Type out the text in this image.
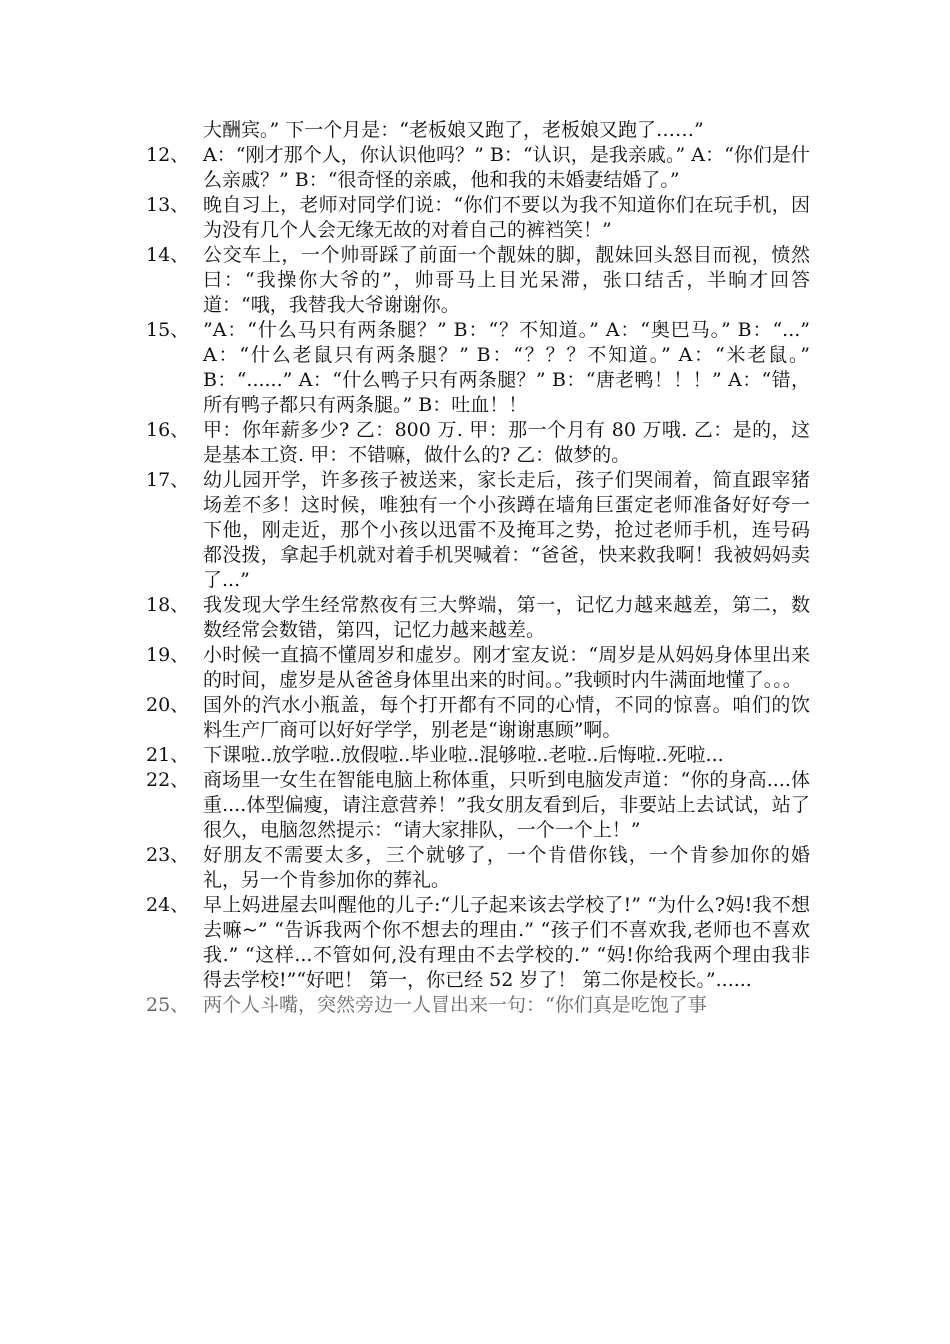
大酬宾。” 下一个月是：“老板娘又跑了，老板娘又跑了……”
12、 A：“刚才那个人，你认识他吗？” B：“认识，是我亲戚。” A：“你们是什么亲戚？” B：“很奇怪的亲戚，他和我的未婚妻结婚了。”
13、 晚自习上，老师对同学们说：“你们不要以为我不知道你们在玩手机，因为没有几个人会无缘无故的对着自己的裤裆笑！”
14、 公交车上，一个帅哥踩了前面一个靓妹的脚，靓妹回头怒目而视，愤然曰：“我操你大爷的”，帅哥马上目光呆滞，张口结舌，半晌才回答道：“哦，我替我大爷谢谢你。
15、 ”A：“什么马只有两条腿？” B：“？不知道。” A：“奥巴马。” B：“...” A：“什么老鼠只有两条腿？” B：“？？？不知道。” A：“米老鼠。” B：“......” A：“什么鸭子只有两条腿？” B：“唐老鸭！！！” A：“错，所有鸭子都只有两条腿。” B：吐血！！
16、 甲：你年薪多少? 乙：800 万. 甲：那一个月有 80 万哦. 乙：是的，这是基本工资. 甲：不错嘛，做什么的? 乙：做梦的。
17、 幼儿园开学，许多孩子被送来，家长走后，孩子们哭闹着，简直跟宰猪场差不多！这时候，唯独有一个小孩蹲在墙角巨蛋定老师准备好好夸一下他，刚走近，那个小孩以迅雷不及掩耳之势，抢过老师手机，连号码都没拨，拿起手机就对着手机哭喊着：“爸爸，快来救我啊！我被妈妈卖了...”
18、 我发现大学生经常熬夜有三大弊端，第一，记忆力越来越差，第二，数数经常会数错，第四，记忆力越来越差。
19、 小时候一直搞不懂周岁和虚岁。刚才室友说：“周岁是从妈妈身体里出来的时间，虚岁是从爸爸身体里出来的时间。。”我顿时内牛满面地懂了。。。
20、 国外的汽水小瓶盖，每个打开都有不同的心情，不同的惊喜。咱们的饮料生产厂商可以好好学学，别老是“谢谢惠顾”啊。
21、 下课啦..放学啦..放假啦..毕业啦..混够啦..老啦..后悔啦..死啦...
22、 商场里一女生在智能电脑上称体重，只听到电脑发声道：“你的身高....体重....体型偏瘦，请注意营养！”我女朋友看到后，非要站上去试试，站了很久，电脑忽然提示：“请大家排队，一个一个上！”
23、 好朋友不需要太多，三个就够了，一个肯借你钱，一个肯参加你的婚礼，另一个肯参加你的葬礼。
24、 早上妈进屋去叫醒他的儿子:“儿子起来该去学校了!” “为什么?妈!我不想去嘛~” “告诉我两个你不想去的理由.” “孩子们不喜欢我,老师也不喜欢我.” “这样...不管如何,没有理由不去学校的.” “妈!你给我两个理由我非得去学校!”“好吧！ 第一，你已经 52 岁了！ 第二你是校长。”......
25、 两个人斗嘴，突然旁边一人冒出来一句：“你们真是吃饱了事
